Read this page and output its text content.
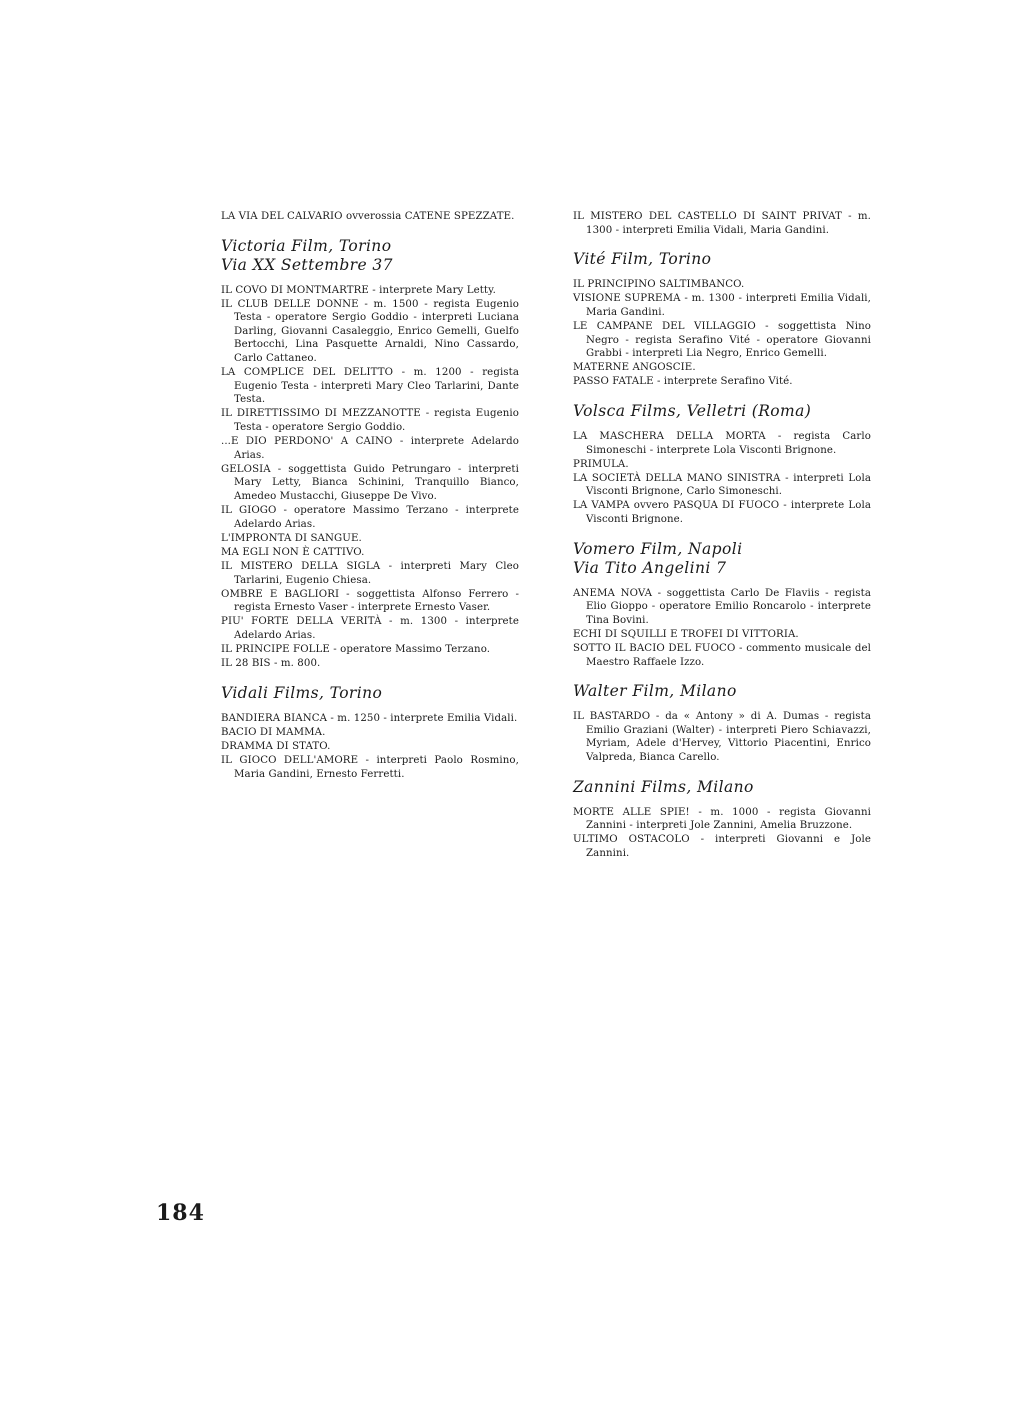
LA VIA DEL CALVARIO ovverossia CATENE SPEZZATE.

Victoria Film, Torino
Via XX Settembre 37

IL COVO DI MONTMARTRE - interprete Mary Letty.

IL CLUB DELLE DONNE - m. 1500 - regista Eugenio Testa - operatore Sergio Goddio - interpreti Luciana Darling, Giovanni Casaleggio, Enrico Gemelli, Guelfo Bertocchi, Lina Pasquette Arnaldi, Nino Cassardo, Carlo Cattaneo.

LA COMPLICE DEL DELITTO - m. 1200 - regista Eugenio Testa - interpreti Mary Cleo Tarlarini, Dante Testa.

IL DIRETTISSIMO DI MEZZANOTTE - regista Eugenio Testa - operatore Sergio Goddio.

...E DIO PERDONO' A CAINO - interprete Adelardo Arias.

GELOSIA - soggettista Guido Petrungaro - interpreti Mary Letty, Bianca Schinini, Tranquillo Bianco, Amedeo Mustacchi, Giuseppe De Vivo.

IL GIOGO - operatore Massimo Terzano - interprete Adelardo Arias.

L'IMPRONTA DI SANGUE.

MA EGLI NON È CATTIVO.

IL MISTERO DELLA SIGLA - interpreti Mary Cleo Tarlarini, Eugenio Chiesa.

OMBRE E BAGLIORI - soggettista Alfonso Ferrero - regista Ernesto Vaser - interprete Ernesto Vaser.

PIU' FORTE DELLA VERITÀ - m. 1300 - interprete Adelardo Arias.

IL PRINCIPE FOLLE - operatore Massimo Terzano.

IL 28 BIS - m. 800.

Vidali Films, Torino

BANDIERA BIANCA - m. 1250 - interprete Emilia Vidali.

BACIO DI MAMMA.

DRAMMA DI STATO.

IL GIOCO DELL'AMORE - interpreti Paolo Rosmino, Maria Gandini, Ernesto Ferretti.

IL MISTERO DEL CASTELLO DI SAINT PRIVAT - m. 1300 - interpreti Emilia Vidali, Maria Gandini.

Vité Film, Torino

IL PRINCIPINO SALTIMBANCO.

VISIONE SUPREMA - m. 1300 - interpreti Emilia Vidali, Maria Gandini.

LE CAMPANE DEL VILLAGGIO - soggettista Nino Negro - regista Serafino Vité - operatore Giovanni Grabbi - interpreti Lia Negro, Enrico Gemelli.

MATERNE ANGOSCIE.

PASSO FATALE - interprete Serafino Vité.

Volsca Films, Velletri (Roma)

LA MASCHERA DELLA MORTA - regista Carlo Simoneschi - interprete Lola Visconti Brignone.

PRIMULA.

LA SOCIETÀ DELLA MANO SINISTRA - interpreti Lola Visconti Brignone, Carlo Simoneschi.

LA VAMPA ovvero PASQUA DI FUOCO - interprete Lola Visconti Brignone.

Vomero Film, Napoli
Via Tito Angelini 7

ANEMA NOVA - soggettista Carlo De Flaviis - regista Elio Gioppo - operatore Emilio Roncarolo - interprete Tina Bovini.

ECHI DI SQUILLI E TROFEI DI VITTORIA.

SOTTO IL BACIO DEL FUOCO - commento musicale del Maestro Raffaele Izzo.

Walter Film, Milano

IL BASTARDO - da « Antony » di A. Dumas - regista Emilio Graziani (Walter) - interpreti Piero Schiavazzi, Myriam, Adele d'Hervey, Vittorio Piacentini, Enrico Valpreda, Bianca Carello.

Zannini Films, Milano

MORTE ALLE SPIE! - m. 1000 - regista Giovanni Zannini - interpreti Jole Zannini, Amelia Bruzzone.

ULTIMO OSTACOLO - interpreti Giovanni e Jole Zannini.

184
